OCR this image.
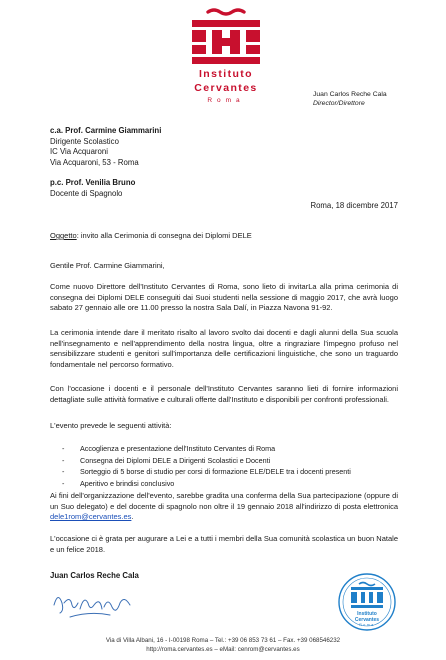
Instituto
Cervantes
Roma
Juan Carlos Reche Cala
Director/Direttore
c.a. Prof. Carmine Giammarini
Dirigente Scolastico
IC Via Acquaroni
Via Acquaroni, 53 - Roma
p.c. Prof. Venilia Bruno
Docente di Spagnolo
Roma, 18 dicembre 2017
Oggetto: invito alla Cerimonia di consegna dei Diplomi DELE
Gentile Prof. Carmine Giammarini,
Come nuovo Direttore dell'Instituto Cervantes di Roma, sono lieto di invitarLa alla prima cerimonia di consegna dei Diplomi DELE conseguiti dai Suoi studenti nella sessione di maggio 2017, che avrà luogo sabato 27 gennaio alle ore 11.00 presso la nostra Sala Dalí, in Piazza Navona 91-92.
La cerimonia intende dare il meritato risalto al lavoro svolto dai docenti e dagli alunni della Sua scuola nell'insegnamento e nell'apprendimento della nostra lingua, oltre a ringraziare l'impegno profuso nel sensibilizzare studenti e genitori sull'importanza delle certificazioni linguistiche, che sono un traguardo fondamentale nel percorso formativo.
Con l'occasione i docenti e il personale dell'Instituto Cervantes saranno lieti di fornire informazioni dettagliate sulle attività formative e culturali offerte dall'Instituto e disponibili per confronti professionali.
L'evento prevede le seguenti attività:
- Accoglienza e presentazione dell'Instituto Cervantes di Roma
- Consegna dei Diplomi DELE a Dirigenti Scolastici e Docenti
- Sorteggio di 5 borse di studio per corsi di formazione ELE/DELE tra i docenti presenti
- Aperitivo e brindisi conclusivo
Ai fini dell'organizzazione dell'evento, sarebbe gradita una conferma della Sua partecipazione (oppure di un Suo delegato) e del docente di spagnolo non oltre il 19 gennaio 2018 all'indirizzo di posta elettronica dele1rom@cervantes.es.
L'occasione ci è grata per augurare a Lei e a tutti i membri della Sua comunità scolastica un buon Natale e un felice 2018.
Juan Carlos Reche Cala
Instituto
Cervantes
Roma
Via di Villa Albani, 16 - I-00198 Roma – Tel.: +39 06 853 73 61 – Fax. +39 068546232
http://roma.cervantes.es – eMail: cenrom@cervantes.es
